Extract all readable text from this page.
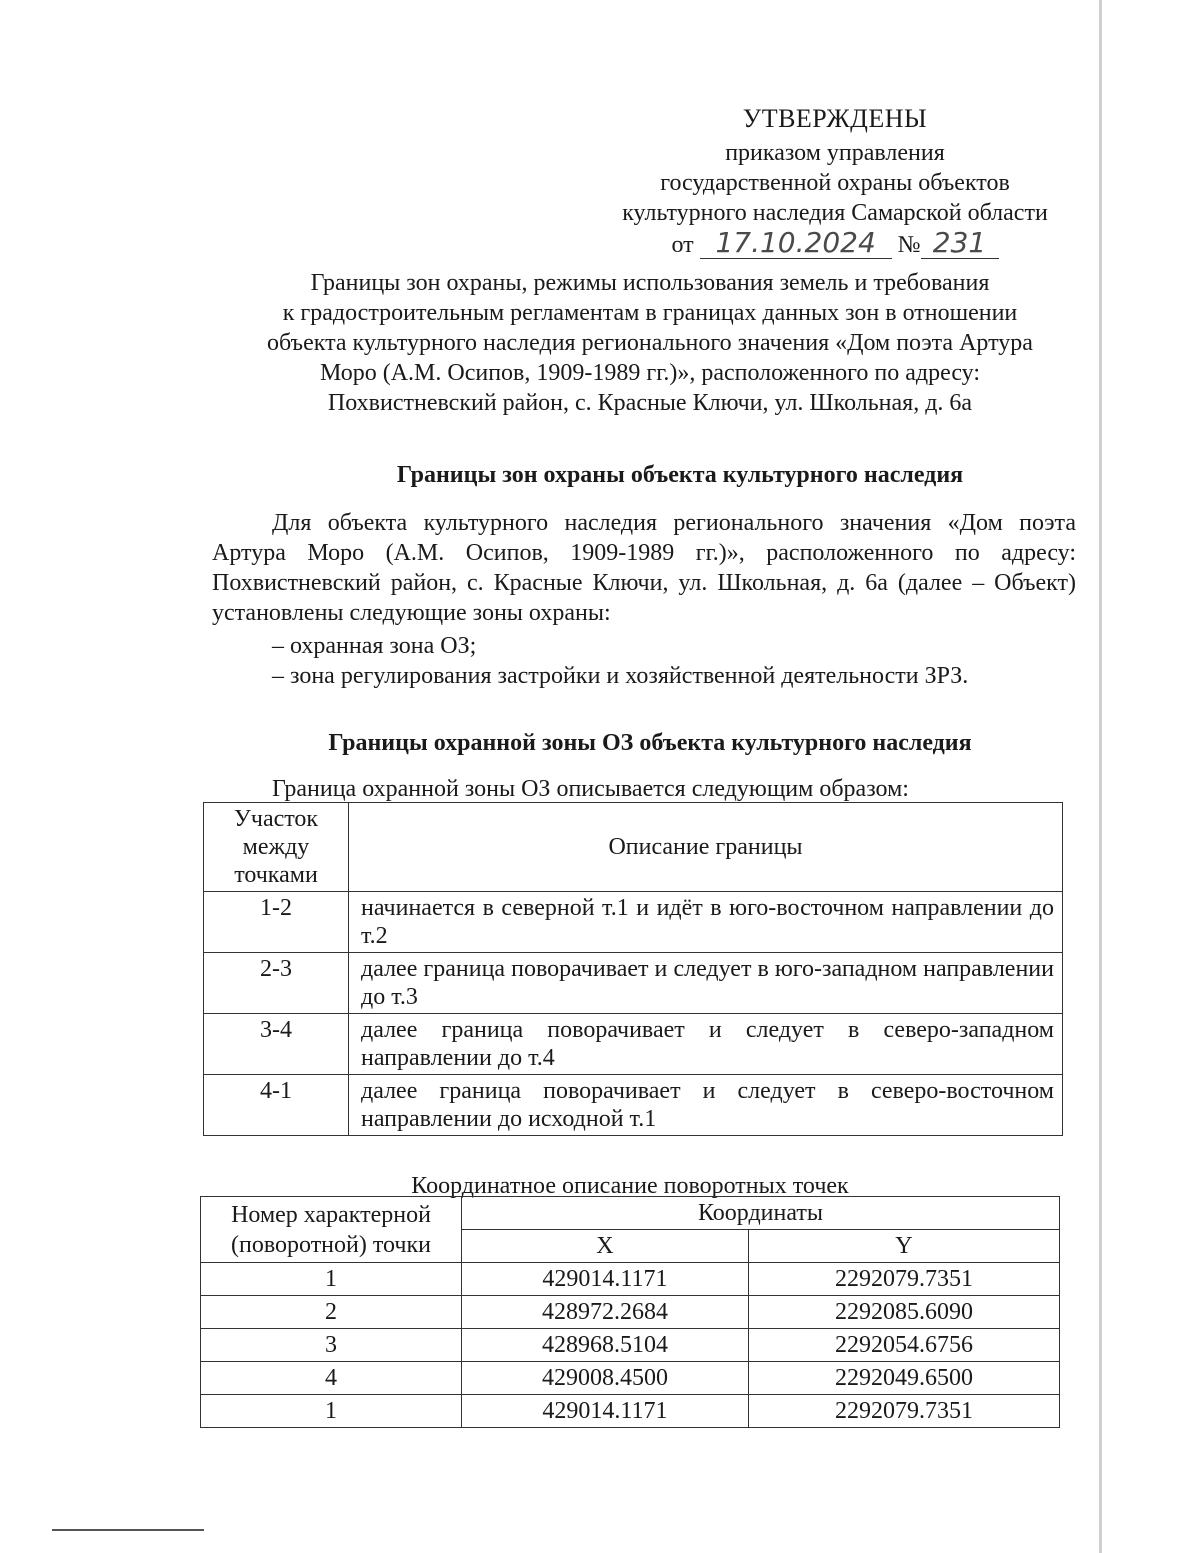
УТВЕРЖДЕНЫ
приказом управления
государственной охраны объектов
культурного наследия Самарской области
от 17.10.2024 № 231
Границы зон охраны, режимы использования земель и требования
к градостроительным регламентам в границах данных зон в отношении
объекта культурного наследия регионального значения «Дом поэта Артура
Моро (А.М. Осипов, 1909-1989 гг.)», расположенного по адресу:
Похвистневский район, с. Красные Ключи, ул. Школьная, д. 6а
Границы зон охраны объекта культурного наследия
Для объекта культурного наследия регионального значения «Дом поэта Артура Моро (А.М. Осипов, 1909-1989 гг.)», расположенного по адресу: Похвистневский район, с. Красные Ключи, ул. Школьная, д. 6а (далее – Объект) установлены следующие зоны охраны:
– охранная зона ОЗ;
– зона регулирования застройки и хозяйственной деятельности ЗРЗ.
Границы охранной зоны ОЗ объекта культурного наследия
Граница охранной зоны ОЗ описывается следующим образом:
Участок между точками	Описание границы
1-2	начинается в северной т.1 и идёт в юго-восточном направлении до т.2
2-3	далее граница поворачивает и следует в юго-западном направлении до т.3
3-4	далее граница поворачивает и следует в северо-западном направлении до т.4
4-1	далее граница поворачивает и следует в северо-восточном направлении до исходной т.1
Координатное описание поворотных точек
Номер характерной (поворотной) точки	Координаты	
	X	Y
1	429014.1171	2292079.7351
2	428972.2684	2292085.6090
3	428968.5104	2292054.6756
4	429008.4500	2292049.6500
1	429014.1171	2292079.7351
